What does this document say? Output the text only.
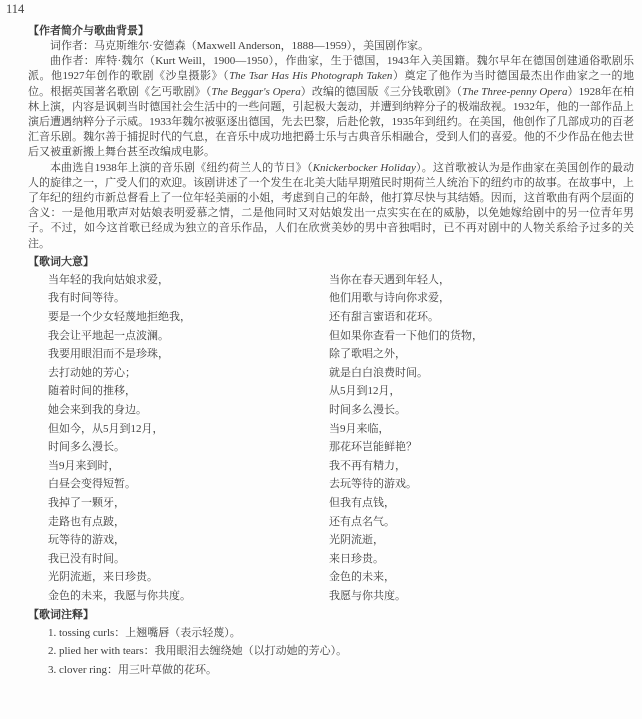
114
【作者简介与歌曲背景】

词作者：马克斯维尔·安德森（Maxwell Anderson，1888—1959），美国剧作家。

曲作者：库特·魏尔（Kurt Weill，1900—1950），作曲家，生于德国，1943年入美国籍。魏尔早年在德国创建通俗歌剧乐派。他1927年创作的歌剧《沙皇摄影》（The Tsar Has His Photograph Taken）奠定了他作为当时德国最杰出作曲家之一的地位。根据英国著名歌剧《乞丐歌剧》（The Beggar's Opera）改编的德国版《三分钱歌剧》（The Three-penny Opera）1928年在柏林上演，内容是讽刺当时德国社会生活中的一些问题，引起极大轰动，并遭到纳粹分子的极端敌视。1932年，他的一部作品上演后遭遇纳粹分子示威。1933年魏尔被驱逐出德国，先去巴黎，后赴伦敦，1935年到纽约。在美国，他创作了几部成功的百老汇音乐剧。魏尔善于捕捉时代的气息，在音乐中成功地把爵士乐与古典音乐相融合，受到人们的喜爱。他的不少作品在他去世后又被重新搬上舞台甚至改编成电影。

本曲选自1938年上演的音乐剧《纽约荷兰人的节日》（Knickerbocker Holiday）。这首歌被认为是作曲家在美国创作的最动人的旋律之一，广受人们的欢迎。该剧讲述了一个发生在北美大陆早期殖民时期荷兰人统治下的纽约市的故事。在故事中，上了年纪的纽约市新总督看上了一位年轻美丽的小姐，考虑到自己的年龄，他打算尽快与其结婚。因而，这首歌曲有两个层面的含义：一是他用歌声对姑娘表明爱慕之情，二是他同时又对姑娘发出一点实实在在的威胁，以免她嫁给剧中的另一位青年男子。不过，如今这首歌已经成为独立的音乐作品，人们在欣赏美妙的男中音独唱时，已不再对剧中的人物关系给予过多的关注。

【歌词大意】
当年轻的我向姑娘求爱，
我有时间等待。
要是一个少女轻蔑地拒绝我，
我会让平地起一点波澜。
我要用眼泪而不是珍珠，
去打动她的芳心；
随着时间的推移，
她会来到我的身边。
但如今，从5月到12月，
时间多么漫长。
当9月来到时，
白昼会变得短暂。
我掉了一颗牙，
走路也有点跛，
玩等待的游戏，
我已没有时间。
光阴流逝，来日珍贵。
金色的未来，我愿与你共度。
当你在春天遇到年轻人，
他们用歌与诗向你求爱，
还有甜言蜜语和花环。
但如果你查看一下他们的货物，
除了歌唱之外，
就是白白浪费时间。
从5月到12月，
时间多么漫长。
当9月来临，
那花环岂能鲜艳？
我不再有精力，
去玩等待的游戏。
但我有点钱，
还有点名气。
光阴流逝，
来日珍贵。
金色的未来，
我愿与你共度。
【歌词注释】
1. tossing curls：上翘嘴唇（表示轻蔑）。
2. plied her with tears：我用眼泪去缠绕她（以打动她的芳心）。
3. clover ring：用三叶草做的花环。
